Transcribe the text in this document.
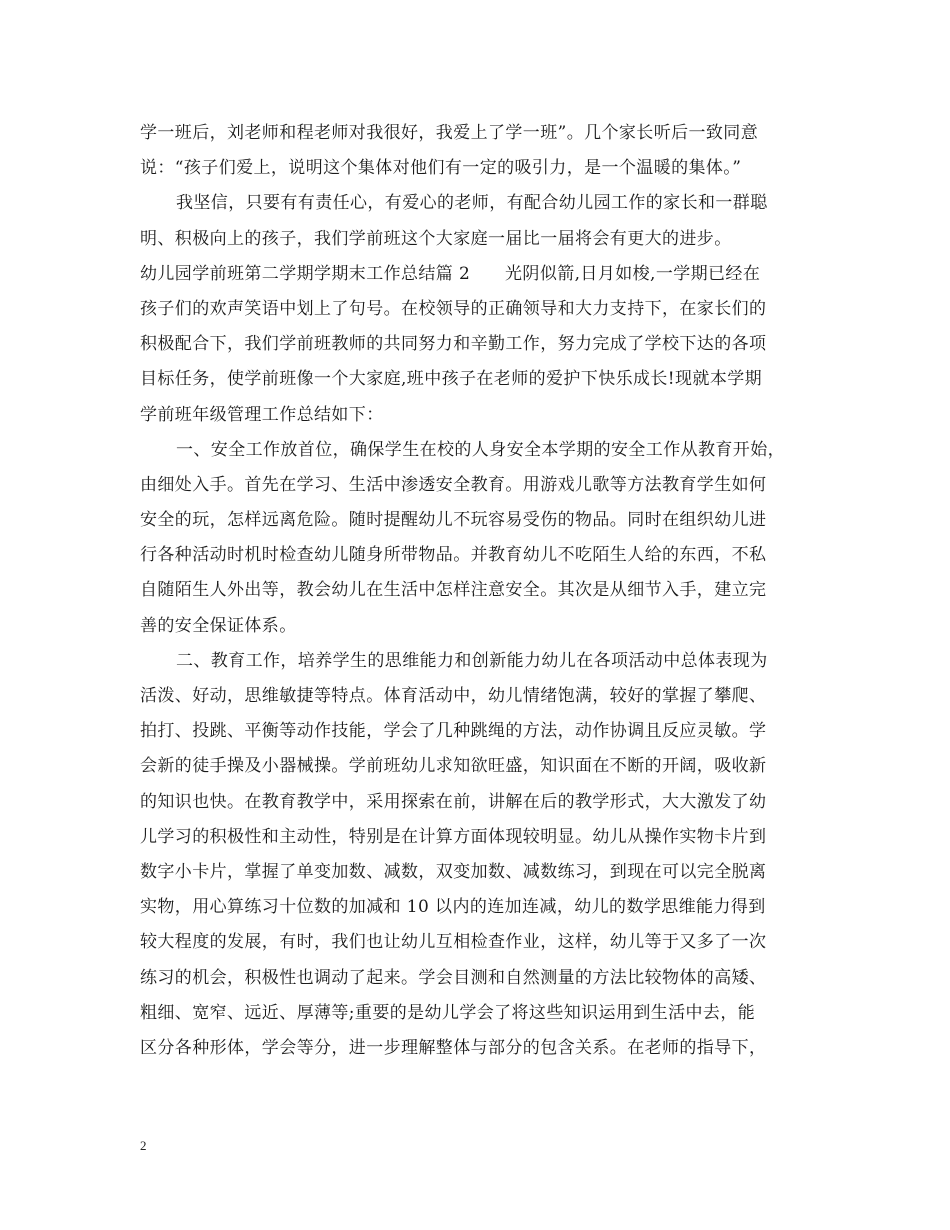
学一班后，刘老师和程老师对我很好，我爱上了学一班”。几个家长听后一致同意
说：“孩子们爱上，说明这个集体对他们有一定的吸引力，是一个温暖的集体。”
我坚信，只要有有责任心，有爱心的老师，有配合幼儿园工作的家长和一群聪
明、积极向上的孩子，我们学前班这个大家庭一届比一届将会有更大的进步。
幼儿园学前班第二学期学期末工作总结篇 2　　光阴似箭,日月如梭,一学期已经在
孩子们的欢声笑语中划上了句号。在校领导的正确领导和大力支持下，在家长们的
积极配合下，我们学前班教师的共同努力和辛勤工作，努力完成了学校下达的各项
目标任务，使学前班像一个大家庭,班中孩子在老师的爱护下快乐成长!现就本学期
学前班年级管理工作总结如下：
一、安全工作放首位，确保学生在校的人身安全本学期的安全工作从教育开始，
由细处入手。首先在学习、生活中渗透安全教育。用游戏儿歌等方法教育学生如何
安全的玩，怎样远离危险。随时提醒幼儿不玩容易受伤的物品。同时在组织幼儿进
行各种活动时机时检查幼儿随身所带物品。并教育幼儿不吃陌生人给的东西，不私
自随陌生人外出等，教会幼儿在生活中怎样注意安全。其次是从细节入手，建立完
善的安全保证体系。
二、教育工作，培养学生的思维能力和创新能力幼儿在各项活动中总体表现为
活泼、好动，思维敏捷等特点。体育活动中，幼儿情绪饱满，较好的掌握了攀爬、
拍打、投跳、平衡等动作技能，学会了几种跳绳的方法，动作协调且反应灵敏。学
会新的徒手操及小器械操。学前班幼儿求知欲旺盛，知识面在不断的开阔，吸收新
的知识也快。在教育教学中，采用探索在前，讲解在后的教学形式，大大激发了幼
儿学习的积极性和主动性，特别是在计算方面体现较明显。幼儿从操作实物卡片到
数字小卡片，掌握了单变加数、减数，双变加数、减数练习，到现在可以完全脱离
实物，用心算练习十位数的加减和 10 以内的连加连减，幼儿的数学思维能力得到
较大程度的发展，有时，我们也让幼儿互相检查作业，这样，幼儿等于又多了一次
练习的机会，积极性也调动了起来。学会目测和自然测量的方法比较物体的高矮、
粗细、宽窄、远近、厚薄等;重要的是幼儿学会了将这些知识运用到生活中去，能
区分各种形体，学会等分，进一步理解整体与部分的包含关系。在老师的指导下，
2
